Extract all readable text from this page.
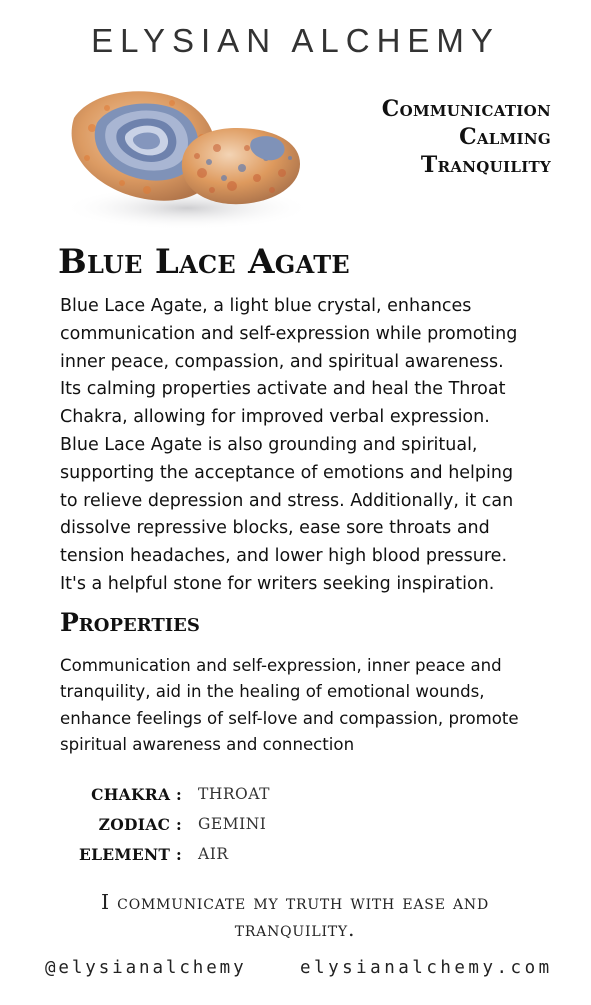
ELYSIAN ALCHEMY
Communication
Calming
Tranquility
Blue Lace Agate

Blue Lace Agate, a light blue crystal, enhances
communication and self-expression while promoting
inner peace, compassion, and spiritual awareness.
Its calming properties activate and heal the Throat
Chakra, allowing for improved verbal expression.
Blue Lace Agate is also grounding and spiritual,
supporting the acceptance of emotions and helping
to relieve depression and stress. Additionally, it can
dissolve repressive blocks, ease sore throats and
tension headaches, and lower high blood pressure.
It's a helpful stone for writers seeking inspiration.

Properties

Communication and self-expression, inner peace and
tranquility, aid in the healing of emotional wounds,
enhance feelings of self-love and compassion, promote
spiritual awareness and connection

CHAKRA : THROAT
ZODIAC : GEMINI
ELEMENT : AIR

I communicate my truth with ease and tranquility.

@elysianalchemy	elysianalchemy.com
